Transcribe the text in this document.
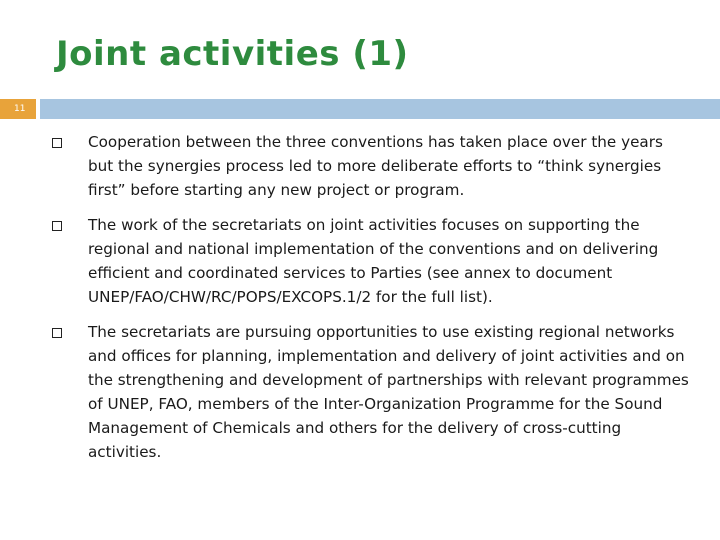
Joint activities (1)
11
Cooperation between the three conventions has taken place over the years but the synergies process led to more deliberate efforts to “think synergies first” before starting any new project or program.
The work of the secretariats on joint activities focuses on supporting the regional and national implementation of the conventions and on delivering efficient and coordinated services to Parties (see annex to document UNEP/FAO/CHW/RC/POPS/EXCOPS.1/2 for the full list).
The secretariats are pursuing opportunities to use existing regional networks and offices for planning, implementation and delivery of joint activities and on the strengthening and development of partnerships with relevant programmes of UNEP, FAO, members of the Inter-Organization Programme for the Sound Management of Chemicals and others for the delivery of cross-cutting activities.
